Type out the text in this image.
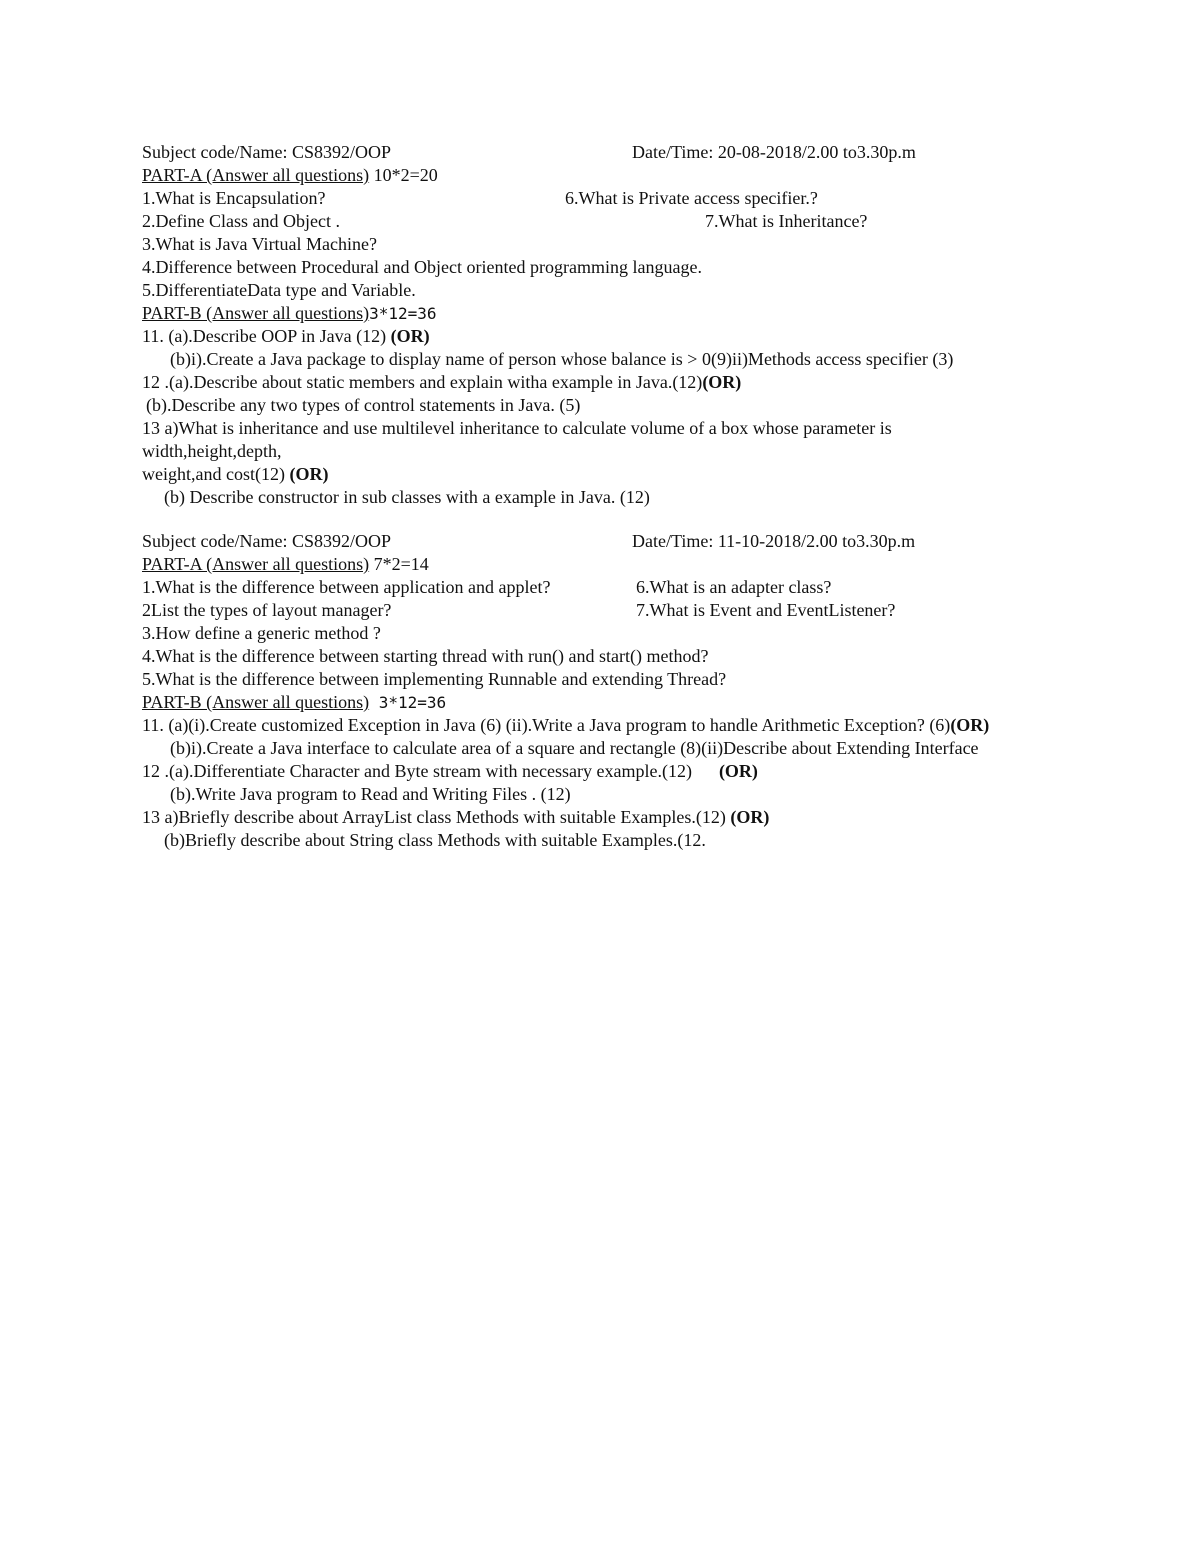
Subject code/Name: CS8392/OOP	Date/Time: 20-08-2018/2.00 to3.30p.m
PART-A (Answer all questions) 10*2=20
1.What is Encapsulation?	6.What is Private access specifier.?
2.Define Class and Object .	7.What is Inheritance?
3.What is Java Virtual Machine?
4.Difference between Procedural and Object oriented programming language.
5.DifferentiateData type and Variable.
PART-B (Answer all questions)3*12=36
11. (a).Describe OOP in Java (12) (OR)
(b)i).Create a Java package to display name of person whose balance is > 0(9)ii)Methods access specifier (3)
12 .(a).Describe about static members and explain witha example in Java.(12)(OR)
(b).Describe any two types of control statements in Java. (5)
13 a)What is inheritance and use multilevel inheritance to calculate volume of a box whose parameter is width,height,depth,
weight,and cost(12) (OR)
(b) Describe constructor in sub classes with a example in Java. (12)
Subject code/Name: CS8392/OOP	Date/Time: 11-10-2018/2.00 to3.30p.m
PART-A (Answer all questions) 7*2=14
1.What is the difference between application and applet?	6.What is an adapter class?
2List the types of layout manager?	7.What is Event and EventListener?
3.How define a generic method ?
4.What is the difference between starting thread with run() and start() method?
5.What is the difference between implementing Runnable and extending Thread?
PART-B (Answer all questions) 3*12=36
11. (a)(i).Create customized Exception in Java (6) (ii).Write a Java program to handle Arithmetic Exception? (6)(OR)
(b)i).Create a Java interface to calculate area of a square and rectangle (8)(ii)Describe about Extending Interface
12 .(a).Differentiate Character and Byte stream with necessary example.(12)      (OR)
(b).Write Java program to Read and Writing Files . (12)
13 a)Briefly describe about ArrayList class Methods with suitable Examples.(12) (OR)
(b)Briefly describe about String class Methods with suitable Examples.(12.
